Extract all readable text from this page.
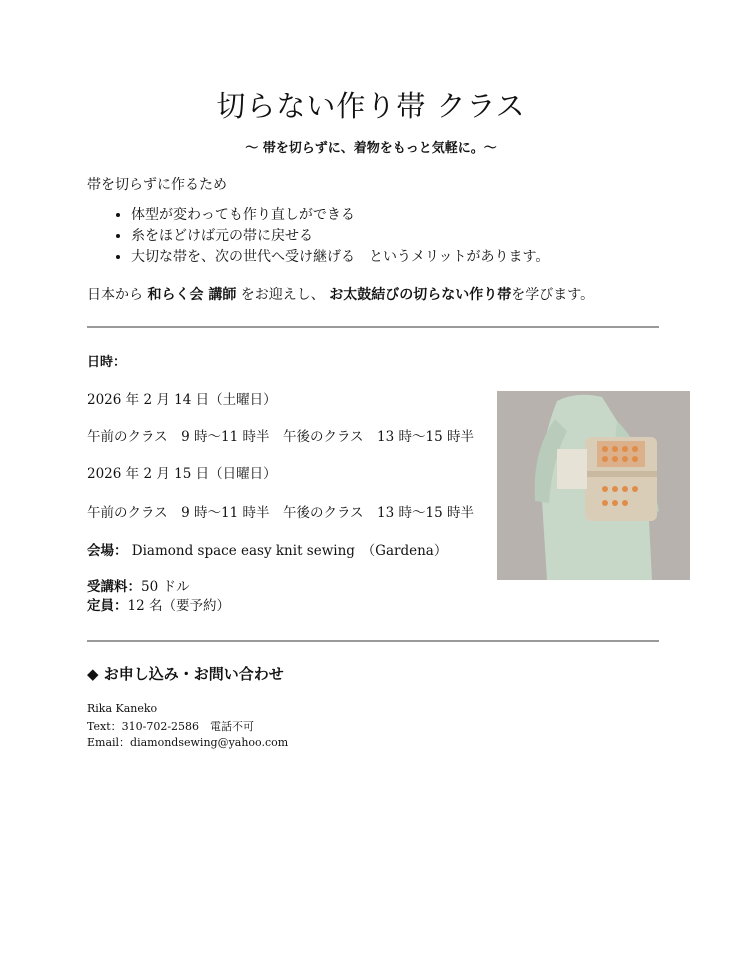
切らない作り帯 クラス
〜 帯を切らずに、着物をもっと気軽に。〜
帯を切らずに作るため
• 体型が変わっても作り直しができる
• 糸をほどけば元の帯に戻せる
• 大切な帯を、次の世代へ受け継げる　というメリットがあります。
日本から 和らく会 講師 をお迎えし、 お太鼓結びの切らない作り帯を学びます。
日時：
2026 年 2 月 14 日（土曜日）
午前のクラス　9 時〜11 時半　午後のクラス　13 時〜15 時半
2026 年 2 月 15 日（日曜日）
午前のクラス　9 時〜11 時半　午後のクラス　13 時〜15 時半
会場： Diamond space easy knit sewing　（Gardena）
受講料：50 ドル
定員：12 名（要予約）
◆ お申し込み・お問い合わせ
Rika Kaneko
Text：310-702-2586　電話不可
Email：diamondsewing@yahoo.com
